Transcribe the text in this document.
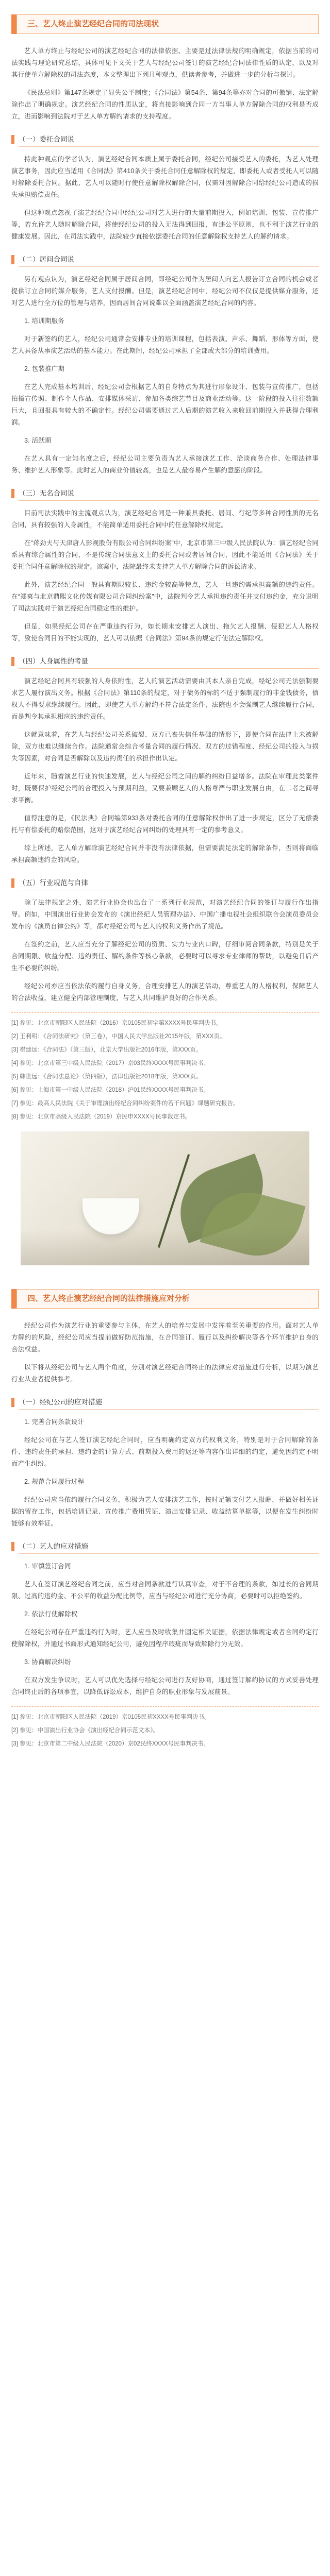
三、艺人终止演艺经纪合同的司法现状

艺人单方终止与经纪公司的演艺经纪合同的法律依据、主要是过法律法规的明确规定，依据当前的司法实践与理论研究总结，具体可见下文关于艺人与经纪公司签订的演艺经纪合同法律性质的认定，以及对其行使单方解除权的司法态度，本文整理出下列几种观点，供读者参考，并做进一步的分析与探讨。

《民法总则》第147条规定了显失公平制度；《合同法》第54条、第94条等亦对合同的可撤销、法定解除作出了明确规定。演艺经纪合同的性质认定，将直接影响到合同一方当事人单方解除合同的权利是否成立，进而影响到法院对于艺人单方解约请求的支持程度。

（一）委托合同说

持此种观点的学者认为，演艺经纪合同本质上属于委托合同，经纪公司接受艺人的委托，为艺人处理演艺事务，因此应当适用《合同法》第410条关于委托合同任意解除权的规定，即委托人或者受托人可以随时解除委托合同。据此，艺人可以随时行使任意解除权解除合同，仅需对因解除合同给经纪公司造成的损失承担赔偿责任。

但这种观点忽视了演艺经纪合同中经纪公司对艺人进行的大量前期投入，例如培训、包装、宣传推广等，若允许艺人随时解除合同，将使经纪公司的投入无法得到回报，有违公平原则，也不利于演艺行业的健康发展。因此，在司法实践中，法院较少直接依据委托合同的任意解除权支持艺人的解约请求。

（二）居间合同说

另有观点认为，演艺经纪合同属于居间合同，即经纪公司作为居间人向艺人报告订立合同的机会或者提供订立合同的媒介服务，艺人支付报酬。但是，演艺经纪合同中，经纪公司不仅仅是提供媒介服务，还对艺人进行全方位的管理与培养，因而居间合同说难以全面涵盖演艺经纪合同的内容。

1. 培训期服务

对于新签约的艺人，经纪公司通常会安排专业的培训课程，包括表演、声乐、舞蹈、形体等方面，使艺人具备从事演艺活动的基本能力。在此期间，经纪公司承担了全部或大部分的培训费用。

2. 包装推广期

在艺人完成基本培训后，经纪公司会根据艺人的自身特点为其进行形象设计、包装与宣传推广，包括拍摄宣传照、制作个人作品、安排媒体采访、参加各类综艺节目及商业活动等。这一阶段的投入往往数额巨大，且回报具有较大的不确定性。经纪公司需要通过艺人后期的演艺收入来收回前期投入并获得合理利润。

3. 活跃期

在艺人具有一定知名度之后，经纪公司主要负责为艺人承接演艺工作、洽谈商务合作、处理法律事务、维护艺人形象等。此时艺人的商业价值较高，也是艺人最容易产生解约意愿的阶段。

（三）无名合同说

目前司法实践中的主流观点认为，演艺经纪合同是一种兼具委托、居间、行纪等多种合同性质的无名合同，具有较强的人身属性，不能简单适用委托合同中的任意解除权规定。

在“蒋劲夫与天津唐人影视股份有限公司合同纠纷案”中，北京市第三中级人民法院认为：演艺经纪合同系具有综合属性的合同，不是传统合同法意义上的委托合同或者居间合同，因此不能适用《合同法》关于委托合同任意解除权的规定。该案中，法院最终未支持艺人单方解除合同的诉讼请求。

此外，演艺经纪合同一般具有期限较长、违约金较高等特点，艺人一旦违约需承担高额的违约责任。在“郑爽与北京鼎熙文化传媒有限公司合同纠纷案”中，法院判令艺人承担违约责任并支付违约金，充分说明了司法实践对于演艺经纪合同稳定性的维护。

但是，如果经纪公司存在严重违约行为，如长期未安排艺人演出、拖欠艺人报酬、侵犯艺人人格权等，致使合同目的不能实现的，艺人可以依据《合同法》第94条的规定行使法定解除权。

（四）人身属性的考量

演艺经纪合同具有较强的人身依附性，艺人的演艺活动需要由其本人亲自完成，经纪公司无法强制要求艺人履行演出义务。根据《合同法》第110条的规定，对于债务的标的不适于强制履行的非金钱债务，债权人不得要求继续履行。因此，即使艺人单方解约不符合法定条件，法院也不会强制艺人继续履行合同，而是判令其承担相应的违约责任。

这就意味着，在艺人与经纪公司关系破裂、双方已丧失信任基础的情形下，即使合同在法律上未被解除，双方也难以继续合作。法院通常会综合考量合同的履行情况、双方的过错程度、经纪公司的投入与损失等因素，对合同是否解除以及违约责任的承担作出认定。

近年来，随着演艺行业的快速发展，艺人与经纪公司之间的解约纠纷日益增多。法院在审理此类案件时，既要保护经纪公司的合理投入与预期利益，又要兼顾艺人的人格尊严与职业发展自由，在二者之间寻求平衡。

值得注意的是，《民法典》合同编第933条对委托合同的任意解除权作出了进一步规定，区分了无偿委托与有偿委托的赔偿范围，这对于演艺经纪合同纠纷的处理具有一定的参考意义。

综上所述，艺人单方解除演艺经纪合同并非没有法律依据，但需要满足法定的解除条件，否则将面临承担高额违约金的风险。

（五）行业规范与自律

除了法律规定之外，演艺行业协会也出台了一系列行业规范，对演艺经纪合同的签订与履行作出指导。例如，中国演出行业协会发布的《演出经纪人员管理办法》、中国广播电视社会组织联合会演员委员会发布的《演员自律公约》等，都对经纪公司与艺人的权利义务作出了规范。

在签约之前，艺人应当充分了解经纪公司的资质、实力与业内口碑，仔细审阅合同条款，特别是关于合同期限、收益分配、违约责任、解约条件等核心条款，必要时可以寻求专业律师的帮助，以避免日后产生不必要的纠纷。

经纪公司亦应当依法依约履行自身义务，合理安排艺人的演艺活动，尊重艺人的人格权利，保障艺人的合法收益，建立健全内部管理制度，与艺人共同维护良好的合作关系。

[1] 参见：北京市朝阳区人民法院（2016）京0105民初字第XXXX号民事判决书。

[2] 王利明：《合同法研究》（第三卷），中国人民大学出版社2015年版，第XXX页。

[3] 崔建远：《合同法》（第三版），北京大学出版社2016年版，第XXX页。

[4] 参见：北京市第三中级人民法院（2017）京03民终XXXX号民事判决书。

[5] 韩世远：《合同法总论》（第四版），法律出版社2018年版，第XXX页。

[6] 参见：上海市第一中级人民法院（2018）沪01民终XXXX号民事判决书。

[7] 参见：最高人民法院《关于审理演出经纪合同纠纷案件的若干问题》课题研究报告。

[8] 参见：北京市高级人民法院（2019）京民申XXXX号民事裁定书。

四、艺人终止演艺经纪合同的法律措施应对分析

经纪公司作为演艺行业的重要参与主体，在艺人的培养与发展中发挥着至关重要的作用。面对艺人单方解约的风险，经纪公司应当提前做好防范措施，在合同签订、履行以及纠纷解决等各个环节维护自身的合法权益。

以下将从经纪公司与艺人两个角度，分别对演艺经纪合同终止的法律应对措施进行分析，以期为演艺行业从业者提供参考。

（一）经纪公司的应对措施

1. 完善合同条款设计

经纪公司在与艺人签订演艺经纪合同时，应当明确约定双方的权利义务，特别是对于合同解除的条件、违约责任的承担、违约金的计算方式、前期投入费用的返还等内容作出详细的约定，避免因约定不明而产生纠纷。

2. 规范合同履行过程

经纪公司应当依约履行合同义务，积极为艺人安排演艺工作，按时足额支付艺人报酬，并做好相关证据的留存工作，包括培训记录、宣传推广费用凭证、演出安排记录、收益结算单据等，以便在发生纠纷时能够有效举证。

（二）艺人的应对措施

1. 审慎签订合同

艺人在签订演艺经纪合同之前，应当对合同条款进行认真审查，对于不合理的条款，如过长的合同期限、过高的违约金、不公平的收益分配比例等，应当与经纪公司进行充分协商，必要时可以拒绝签约。

2. 依法行使解除权

在经纪公司存在严重违约行为时，艺人应当及时收集并固定相关证据，依据法律规定或者合同约定行使解除权，并通过书面形式通知经纪公司，避免因程序瑕疵而导致解除行为无效。

3. 协商解决纠纷

在双方发生争议时，艺人可以优先选择与经纪公司进行友好协商，通过签订解约协议的方式妥善处理合同终止后的各项事宜，以降低诉讼成本，维护自身的职业形象与发展前景。

[1] 参见：北京市朝阳区人民法院（2019）京0105民初XXXX号民事判决书。

[2] 参见：中国演出行业协会《演出经纪合同示范文本》。

[3] 参见：北京市第二中级人民法院（2020）京02民终XXXX号民事判决书。
